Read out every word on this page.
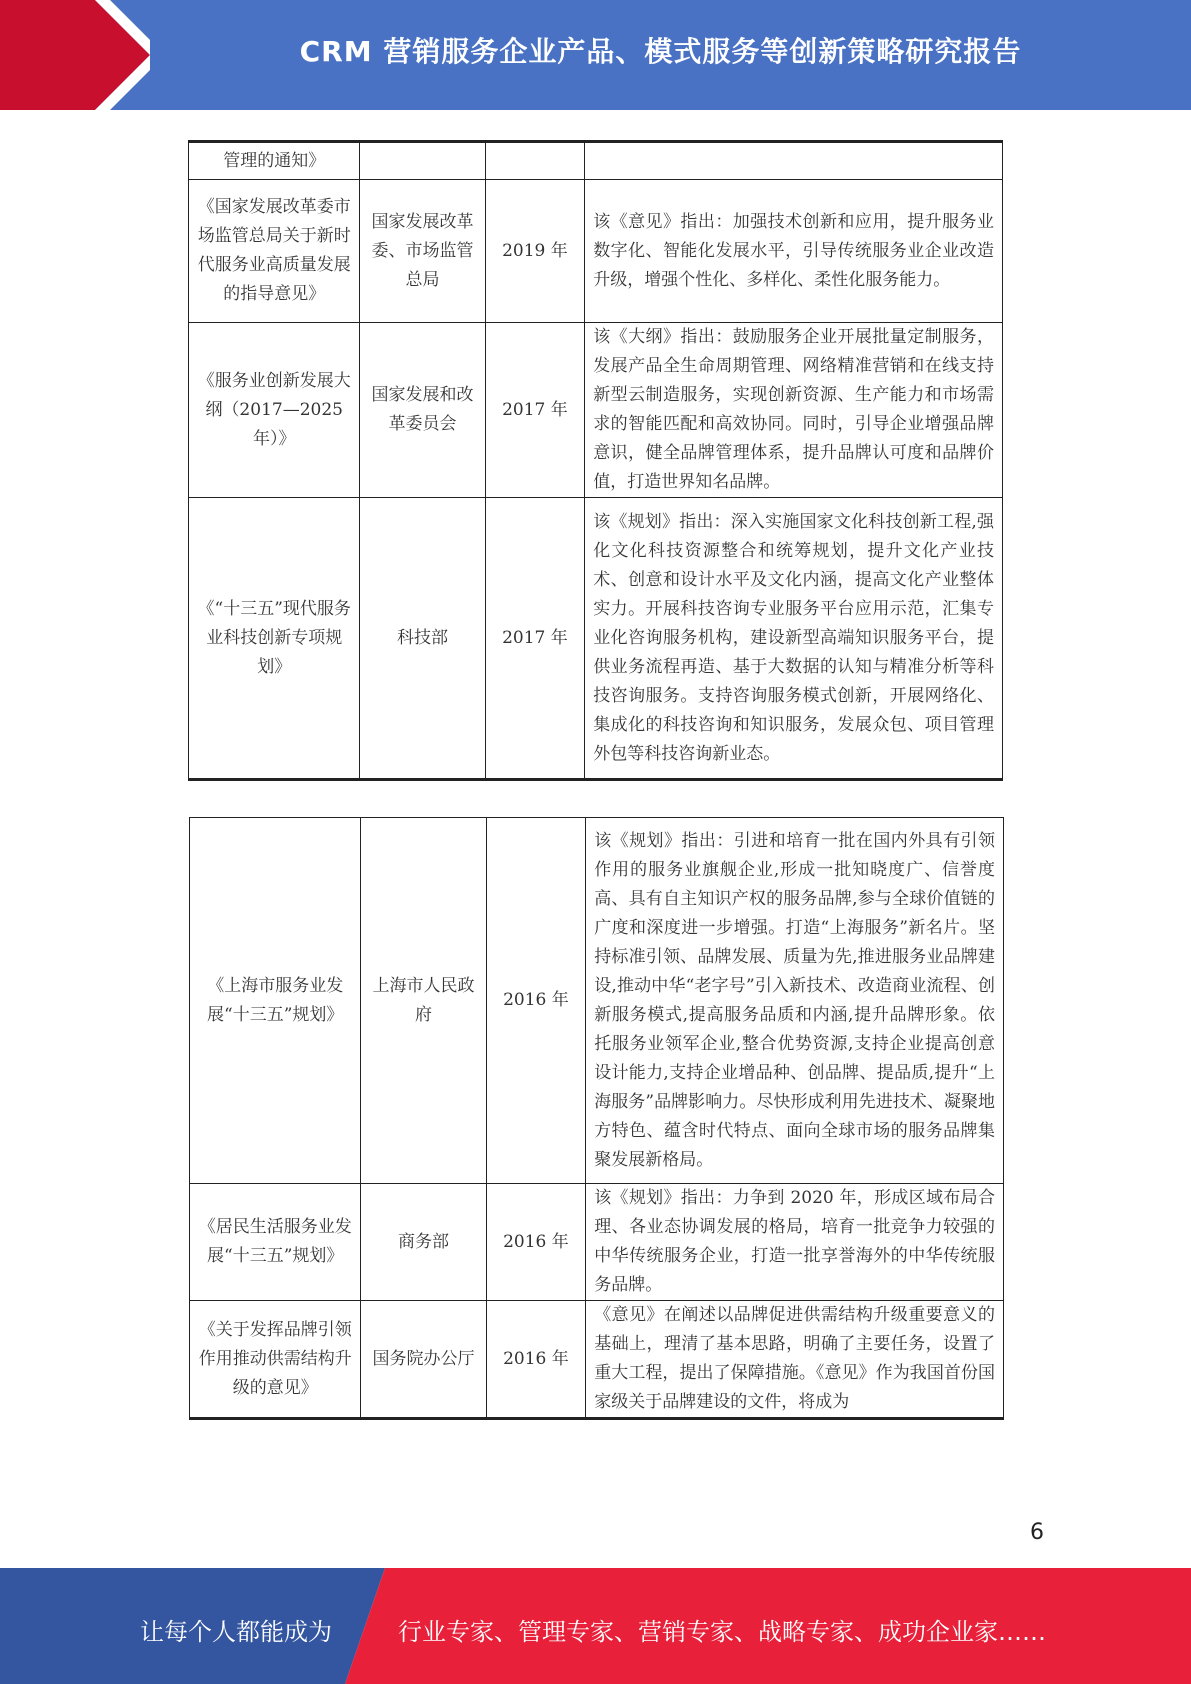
CRM 营销服务企业产品、模式服务等创新策略研究报告
管理的通知》			
《国家发展改革委市场监管总局关于新时代服务业高质量发展的指导意见》	国家发展改革委、市场监管总局	2019 年	该《意见》指出：加强技术创新和应用，提升服务业数字化、智能化发展水平，引导传统服务业企业改造升级，增强个性化、多样化、柔性化服务能力。
《服务业创新发展大纲（2017—2025 年）》	国家发展和改革委员会	2017 年	该《大纲》指出：鼓励服务企业开展批量定制服务，发展产品全生命周期管理、网络精准营销和在线支持新型云制造服务，实现创新资源、生产能力和市场需求的智能匹配和高效协同。同时，引导企业增强品牌意识，健全品牌管理体系，提升品牌认可度和品牌价值，打造世界知名品牌。
《“十三五”现代服务业科技创新专项规划》	科技部	2017 年	该《规划》指出：深入实施国家文化科技创新工程,强化文化科技资源整合和统筹规划，提升文化产业技术、创意和设计水平及文化内涵，提高文化产业整体实力。开展科技咨询专业服务平台应用示范，汇集专业化咨询服务机构，建设新型高端知识服务平台，提供业务流程再造、基于大数据的认知与精准分析等科技咨询服务。支持咨询服务模式创新，开展网络化、集成化的科技咨询和知识服务，发展众包、项目管理外包等科技咨询新业态。
《上海市服务业发展“十三五”规划》	上海市人民政府	2016 年	该《规划》指出：引进和培育一批在国内外具有引领作用的服务业旗舰企业,形成一批知晓度广、信誉度高、具有自主知识产权的服务品牌,参与全球价值链的广度和深度进一步增强。打造“上海服务”新名片。坚持标准引领、品牌发展、质量为先,推进服务业品牌建设,推动中华“老字号”引入新技术、改造商业流程、创新服务模式,提高服务品质和内涵,提升品牌形象。依托服务业领军企业,整合优势资源,支持企业提高创意设计能力,支持企业增品种、创品牌、提品质,提升“上海服务”品牌影响力。尽快形成利用先进技术、凝聚地方特色、蕴含时代特点、面向全球市场的服务品牌集聚发展新格局。
《居民生活服务业发展“十三五”规划》	商务部	2016 年	该《规划》指出：力争到 2020 年，形成区域布局合理、各业态协调发展的格局，培育一批竞争力较强的中华传统服务企业，打造一批享誉海外的中华传统服务品牌。
《关于发挥品牌引领作用推动供需结构升级的意见》	国务院办公厅	2016 年	《意见》在阐述以品牌促进供需结构升级重要意义的基础上，理清了基本思路，明确了主要任务，设置了重大工程，提出了保障措施。《意见》作为我国首份国家级关于品牌建设的文件，将成为
6
让每个人都能成为	行业专家、管理专家、营销专家、战略专家、成功企业家……
